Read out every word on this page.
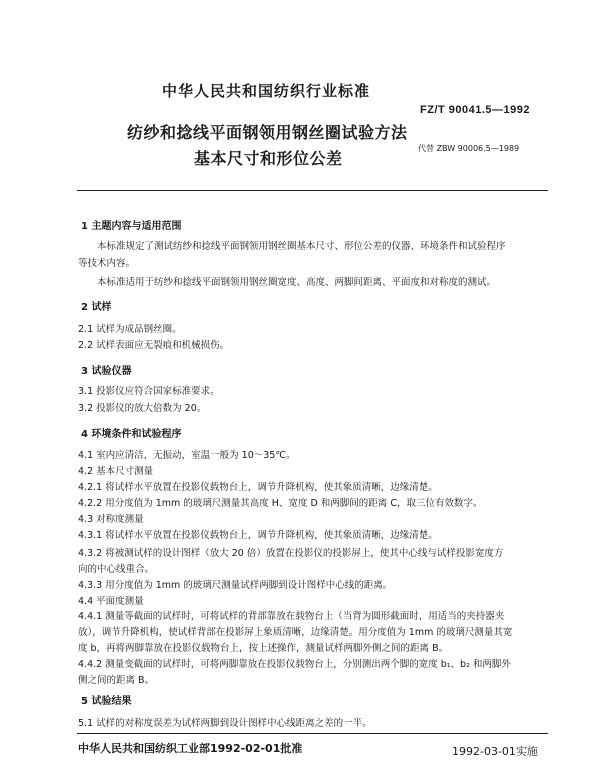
中华人民共和国纺织行业标准
FZ/T 90041.5—1992
纺纱和捻线平面钢领用钢丝圈试验方法
基本尺寸和形位公差
代替 ZBW 90006.5—1989
1 主题内容与适用范围
本标准规定了测试纺纱和捻线平面钢领用钢丝圈基本尺寸、形位公差的仪器、环境条件和试验程序
等技术内容。
本标准适用于纺纱和捻线平面钢领用钢丝圈宽度、高度、两脚间距离、平面度和对称度的测试。
2 试样
2.1 试样为成品钢丝圈。
2.2 试样表面应无裂痕和机械损伤。
3 试验仪器
3.1 投影仪应符合国家标准要求。
3.2 投影仪的放大倍数为 20。
4 环境条件和试验程序
4.1 室内应清洁，无振动，室温一般为 10～35℃。
4.2 基本尺寸测量
4.2.1 将试样水平放置在投影仪载物台上，调节升降机构，使其象质清晰，边缘清楚。
4.2.2 用分度值为 1mm 的玻璃尺测量其高度 H、宽度 D 和两脚间的距离 C，取三位有效数字。
4.3 对称度测量
4.3.1 将试样水平放置在投影仪载物台上，调节升降机构，使其象质清晰，边缘清楚。
4.3.2 将被测试样的设计图样（放大 20 倍）放置在投影仪的投影屏上，使其中心线与试样投影宽度方
向的中心线重合。
4.3.3 用分度值为 1mm 的玻璃尺测量试样两脚到设计图样中心线的距离。
4.4 平面度测量
4.4.1 测量等截面的试样时，可将试样的背部靠放在载物台上（当背为圆形截面时，用适当的夹持器夹
放），调节升降机构，使试样背部在投影屏上象质清晰，边缘清楚。用分度值为 1mm 的玻璃尺测量其宽
度 b，再将两脚靠放在投影仪载物台上，按上述操作，测量试样两脚外侧之间的距离 B。
4.4.2 测量变截面的试样时，可将两脚靠放在投影仪载物台上，分别测出两个脚的宽度 b₁、b₂ 和两脚外
侧之间的距离 B。
5 试验结果
5.1 试样的对称度误差为试样两脚到设计图样中心线距离之差的一半。
中华人民共和国纺织工业部1992-02-01批准	1992-03-01实施
